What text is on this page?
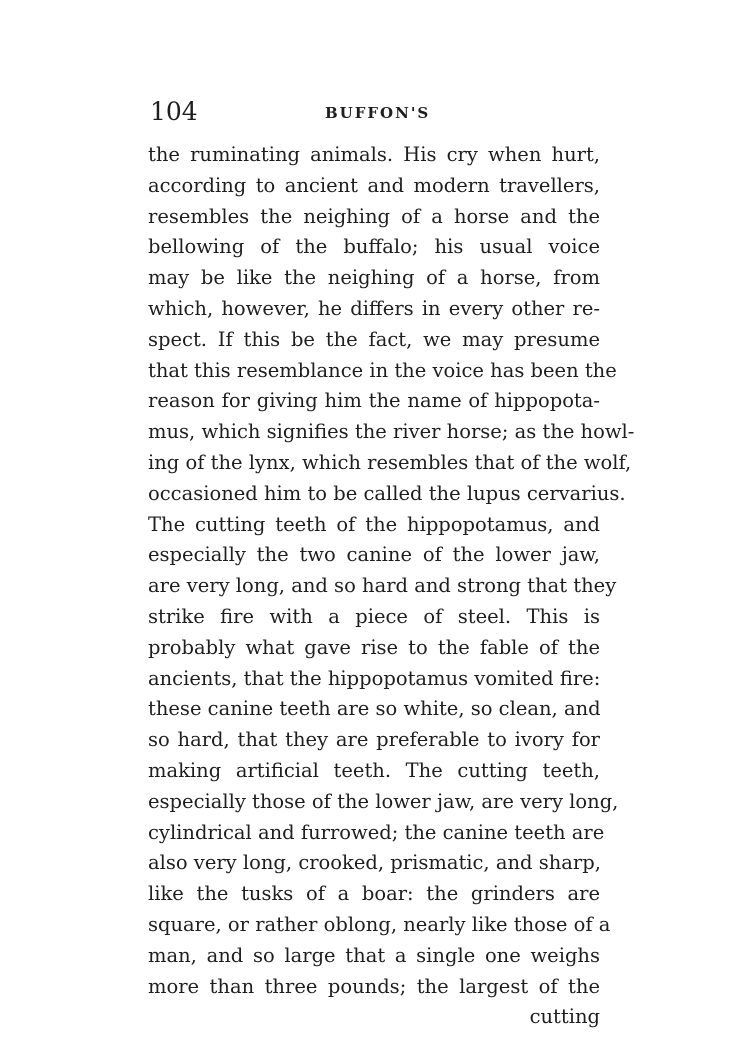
104	BUFFON'S
the ruminating animals. His cry when hurt,
according to ancient and modern travellers,
resembles the neighing of a horse and the
bellowing of the buffalo; his usual voice
may be like the neighing of a horse, from
which, however, he differs in every other re-
spect. If this be the fact, we may presume
that this resemblance in the voice has been the
reason for giving him the name of hippopota-
mus, which signifies the river horse; as the howl-
ing of the lynx, which resembles that of the wolf,
occasioned him to be called the lupus cervarius.
The cutting teeth of the hippopotamus, and
especially the two canine of the lower jaw,
are very long, and so hard and strong that they
strike fire with a piece of steel. This is
probably what gave rise to the fable of the
ancients, that the hippopotamus vomited fire:
these canine teeth are so white, so clean, and
so hard, that they are preferable to ivory for
making artificial teeth. The cutting teeth,
especially those of the lower jaw, are very long,
cylindrical and furrowed; the canine teeth are
also very long, crooked, prismatic, and sharp,
like the tusks of a boar: the grinders are
square, or rather oblong, nearly like those of a
man, and so large that a single one weighs
more than three pounds; the largest of the
cutting
